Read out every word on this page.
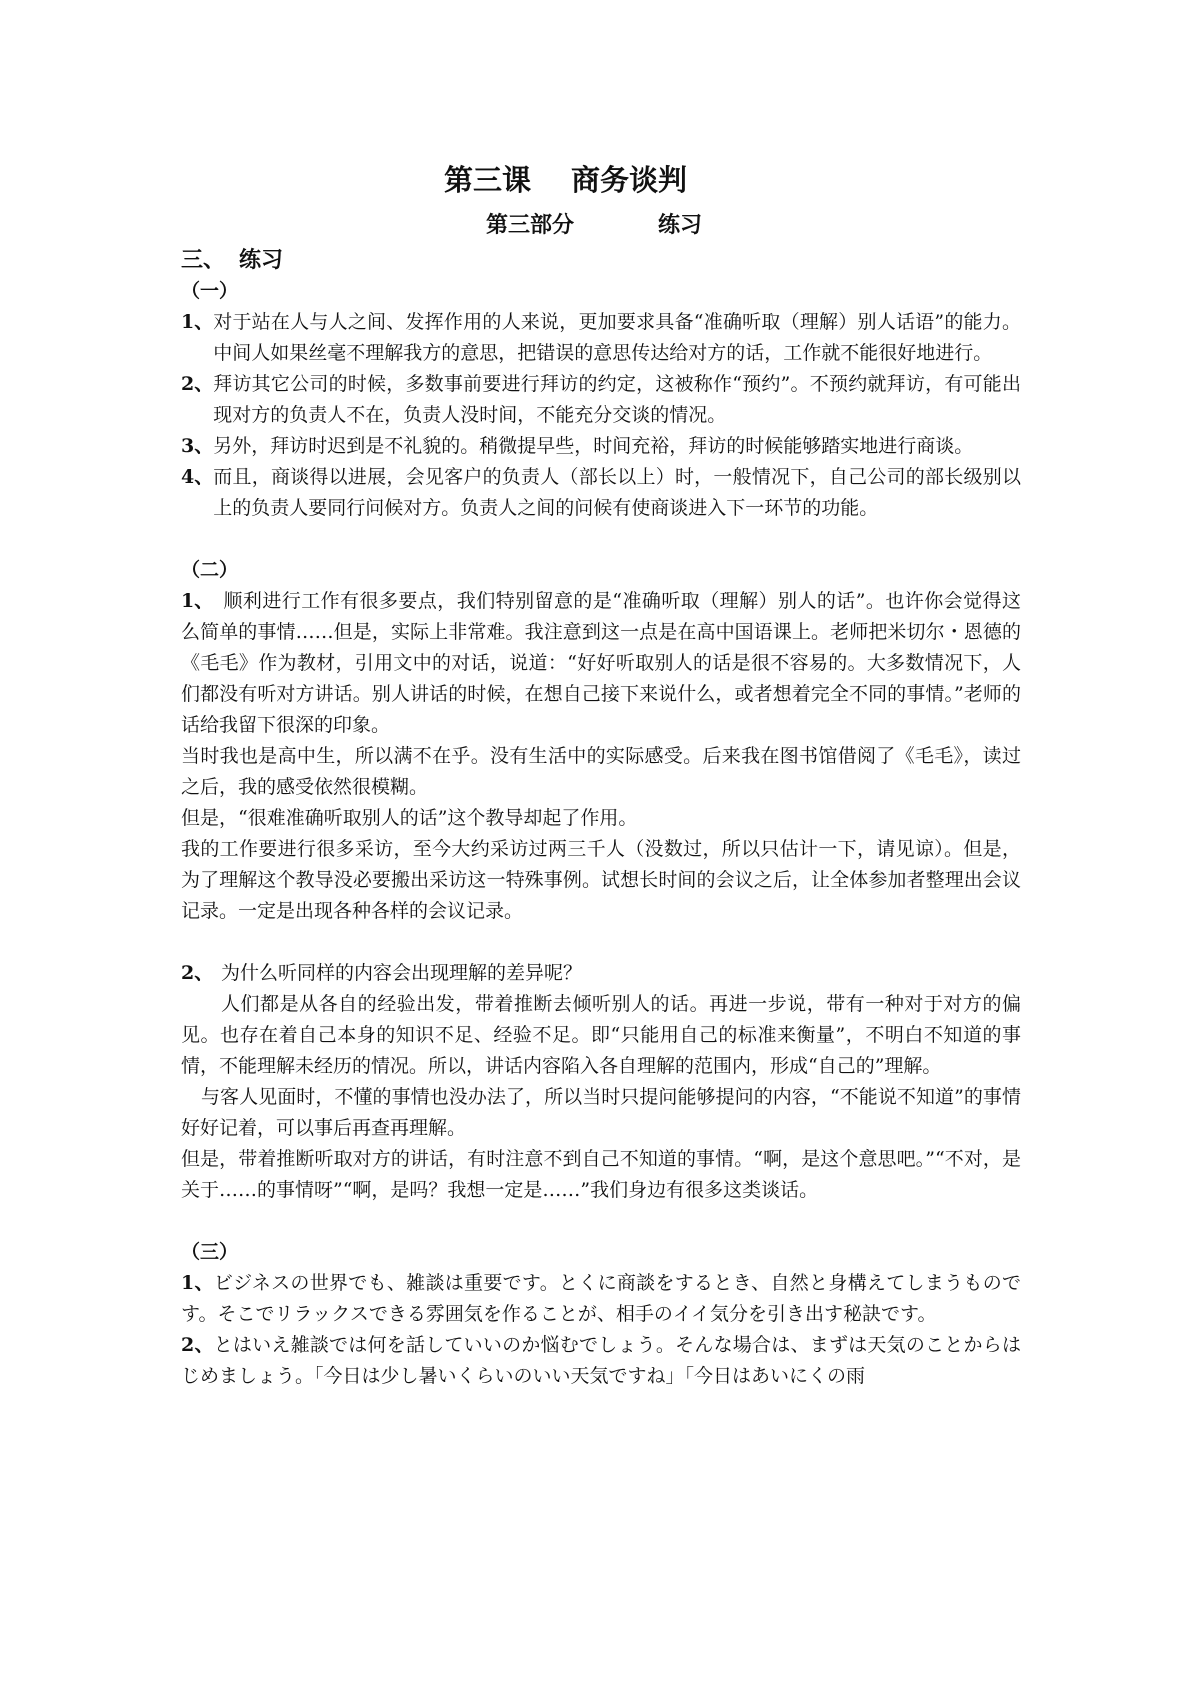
第三课 商务谈判
第三部分	练习
三、 练习
（一）
1、 对于站在人与人之间、发挥作用的人来说，更加要求具备“准确听取（理解）别人话语”的能力。中间人如果丝毫不理解我方的意思，把错误的意思传达给对方的话，工作就不能很好地进行。
2、 拜访其它公司的时候，多数事前要进行拜访的约定，这被称作“预约”。不预约就拜访，有可能出现对方的负责人不在，负责人没时间，不能充分交谈的情况。
3、 另外，拜访时迟到是不礼貌的。稍微提早些，时间充裕，拜访的时候能够踏实地进行商谈。
4、 而且，商谈得以进展，会见客户的负责人（部长以上）时，一般情况下，自己公司的部长级别以上的负责人要同行问候对方。负责人之间的问候有使商谈进入下一环节的功能。
（二）

1、 顺利进行工作有很多要点，我们特别留意的是“准确听取（理解）别人的话”。也许你会觉得这么简单的事情……但是，实际上非常难。我注意到这一点是在高中国语课上。老师把米切尔・恩德的《毛毛》作为教材，引用文中的对话，说道：“好好听取别人的话是很不容易的。大多数情况下，人们都没有听对方讲话。别人讲话的时候，在想自己接下来说什么，或者想着完全不同的事情。”老师的话给我留下很深的印象。

当时我也是高中生，所以满不在乎。没有生活中的实际感受。后来我在图书馆借阅了《毛毛》，读过之后，我的感受依然很模糊。

但是，“很难准确听取别人的话”这个教导却起了作用。

我的工作要进行很多采访，至今大约采访过两三千人（没数过，所以只估计一下，请见谅）。但是，为了理解这个教导没必要搬出采访这一特殊事例。试想长时间的会议之后，让全体参加者整理出会议记录。一定是出现各种各样的会议记录。

2、 为什么听同样的内容会出现理解的差异呢？

人们都是从各自的经验出发，带着推断去倾听别人的话。再进一步说，带有一种对于对方的偏见。也存在着自己本身的知识不足、经验不足。即“只能用自己的标准来衡量”，不明白不知道的事情，不能理解未经历的情况。所以，讲话内容陷入各自理解的范围内，形成“自己的”理解。

与客人见面时，不懂的事情也没办法了，所以当时只提问能够提问的内容，“不能说不知道”的事情好好记着，可以事后再查再理解。

但是，带着推断听取对方的讲话，有时注意不到自己不知道的事情。“啊，是这个意思吧。”“不对，是关于……的事情呀”“啊，是吗？我想一定是……”我们身边有很多这类谈话。

（三）

1、ビジネスの世界でも、雑談は重要です。とくに商談をするとき、自然と身構えてしまうものです。そこでリラックスできる雰囲気を作ることが、相手のイイ気分を引き出す秘訣です。

2、とはいえ雑談では何を話していいのか悩むでしょう。そんな場合は、まずは天気のことからはじめましょう。「今日は少し暑いくらいのいい天気ですね」「今日はあいにくの雨
